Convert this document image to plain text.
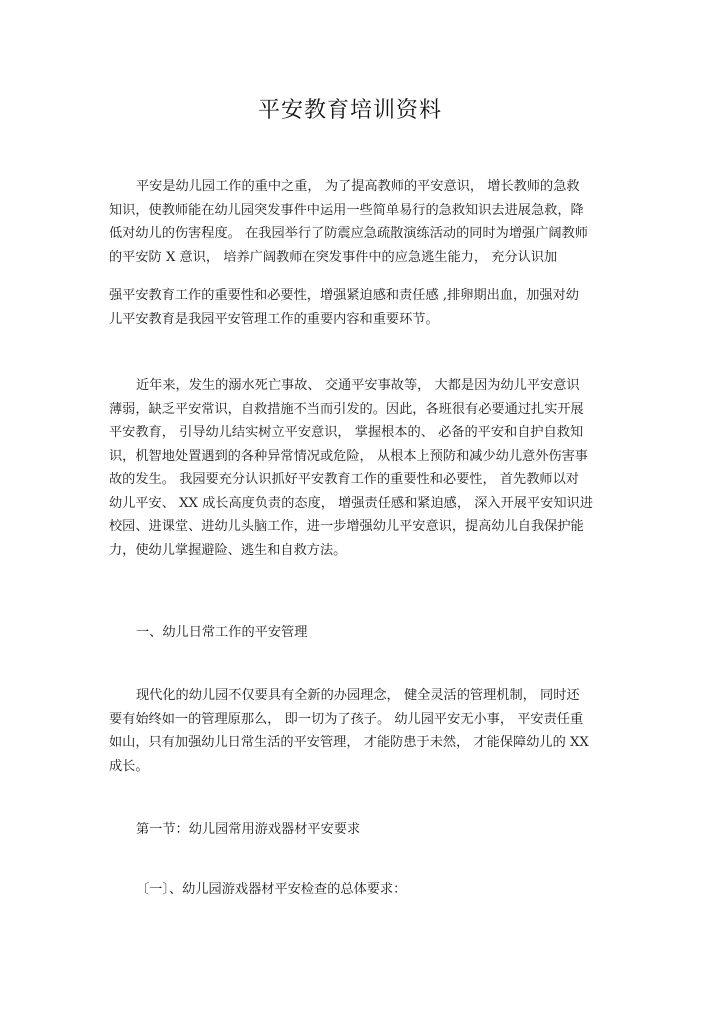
平安教育培训资料
平安是幼儿园工作的重中之重， 为了提高教师的平安意识， 增长教师的急救
知识，使教师能在幼儿园突发事件中运用一些简单易行的急救知识去进展急救，降
低对幼儿的伤害程度。 在我园举行了防震应急疏散演练活动的同时为增强广阔教师
的平安防 X 意识， 培养广阔教师在突发事件中的应急逃生能力， 充分认识加
强平安教育工作的重要性和必要性，增强紧迫感和责任感 ,排卵期出血，加强对幼
儿平安教育是我园平安管理工作的重要内容和重要环节。
近年来，发生的溺水死亡事故、 交通平安事故等， 大都是因为幼儿平安意识
薄弱，缺乏平安常识，自救措施不当而引发的。因此，各班很有必要通过扎实开展
平安教育， 引导幼儿结实树立平安意识， 掌握根本的、 必备的平安和自护自救知
识，机智地处置遇到的各种异常情况或危险， 从根本上预防和减少幼儿意外伤害事
故的发生。 我园要充分认识抓好平安教育工作的重要性和必要性， 首先教师以对
幼儿平安、 XX 成长高度负责的态度， 增强责任感和紧迫感， 深入开展平安知识进
校园、进课堂、进幼儿头脑工作，进一步增强幼儿平安意识，提高幼儿自我保护能
力，使幼儿掌握避险、逃生和自救方法。
一、幼儿日常工作的平安管理
现代化的幼儿园不仅要具有全新的办园理念， 健全灵活的管理机制， 同时还
要有始终如一的管理原那么， 即一切为了孩子。 幼儿园平安无小事， 平安责任重
如山，只有加强幼儿日常生活的平安管理， 才能防患于未然， 才能保障幼儿的 XX
成长。
第一节：幼儿园常用游戏器材平安要求
〔一〕、幼儿园游戏器材平安检查的总体要求：
